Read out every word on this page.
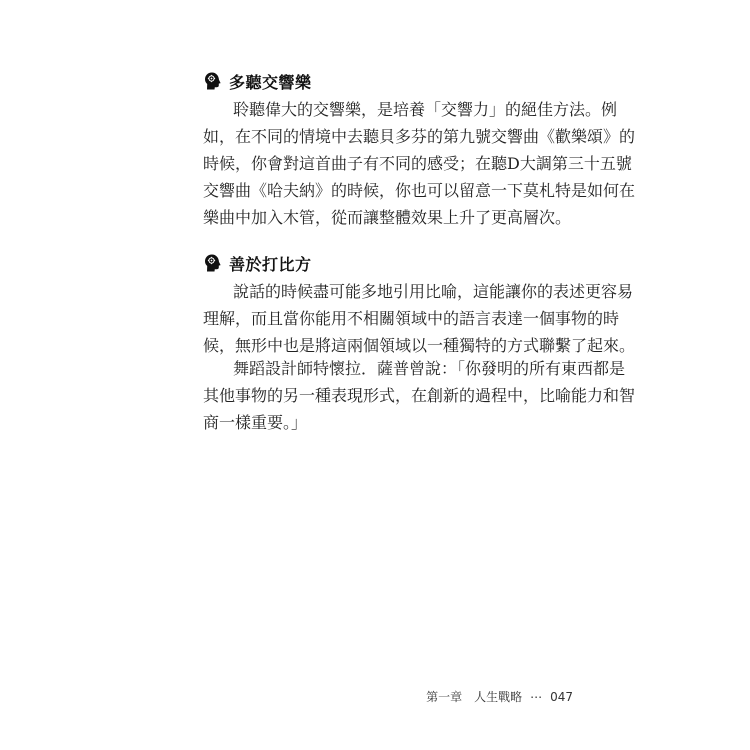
多聽交響樂
聆聽偉大的交響樂，是培養「交響力」的絕佳方法。例
如，在不同的情境中去聽貝多芬的第九號交響曲《歡樂頌》的
時候，你會對這首曲子有不同的感受；在聽D大調第三十五號
交響曲《哈夫納》的時候，你也可以留意一下莫札特是如何在
樂曲中加入木管，從而讓整體效果上升了更高層次。
善於打比方
說話的時候盡可能多地引用比喻，這能讓你的表述更容易
理解，而且當你能用不相關領域中的語言表達一個事物的時
候，無形中也是將這兩個領域以一種獨特的方式聯繫了起來。
舞蹈設計師特懷拉．薩普曾說：「你發明的所有東西都是
其他事物的另一種表現形式，在創新的過程中，比喻能力和智
商一樣重要。」
第一章　人生戰略 ⋯ 047
